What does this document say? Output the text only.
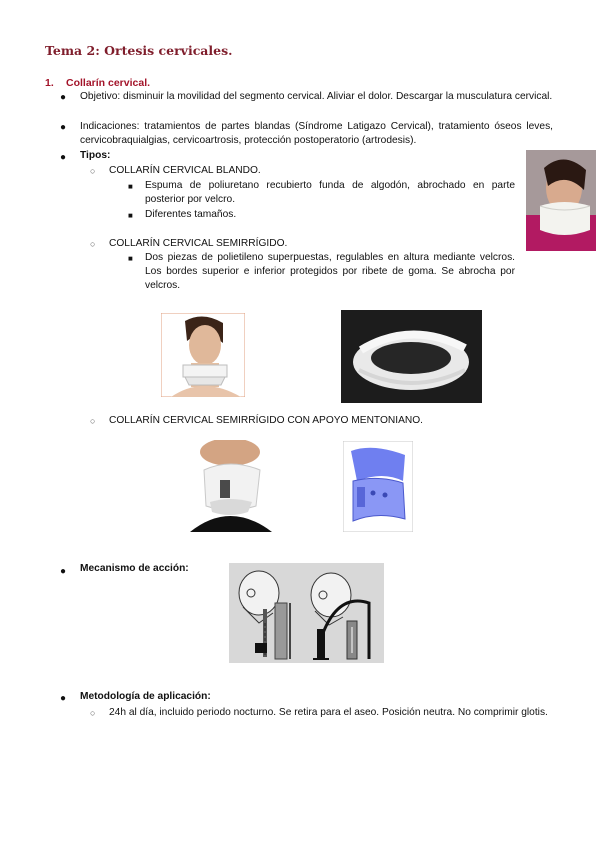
Tema 2: Ortesis cervicales.
1. Collarín cervical.
● Objetivo: disminuir la movilidad del segmento cervical. Aliviar el dolor. Descargar la musculatura cervical.
● Indicaciones: tratamientos de partes blandas (Síndrome Latigazo Cervical), tratamiento óseos leves, cervicobraquialgias, cervicoartrosis, protección postoperatorio (artrodesis).
● Tipos:
○ COLLARÍN CERVICAL BLANDO.
■ Espuma de poliuretano recubierto funda de algodón, abrochado en parte posterior por velcro.
■ Diferentes tamaños.
○ COLLARÍN CERVICAL SEMIRRÍGIDO.
■ Dos piezas de polietileno superpuestas, regulables en altura mediante velcros. Los bordes superior e inferior protegidos por ribete de goma. Se abrocha por velcros.
○ COLLARÍN CERVICAL SEMIRRÍGIDO CON APOYO MENTONIANO.
● Mecanismo de acción:
● Metodología de aplicación:
○ 24h al día, incluido periodo nocturno. Se retira para el aseo. Posición neutra. No comprimir glotis.
